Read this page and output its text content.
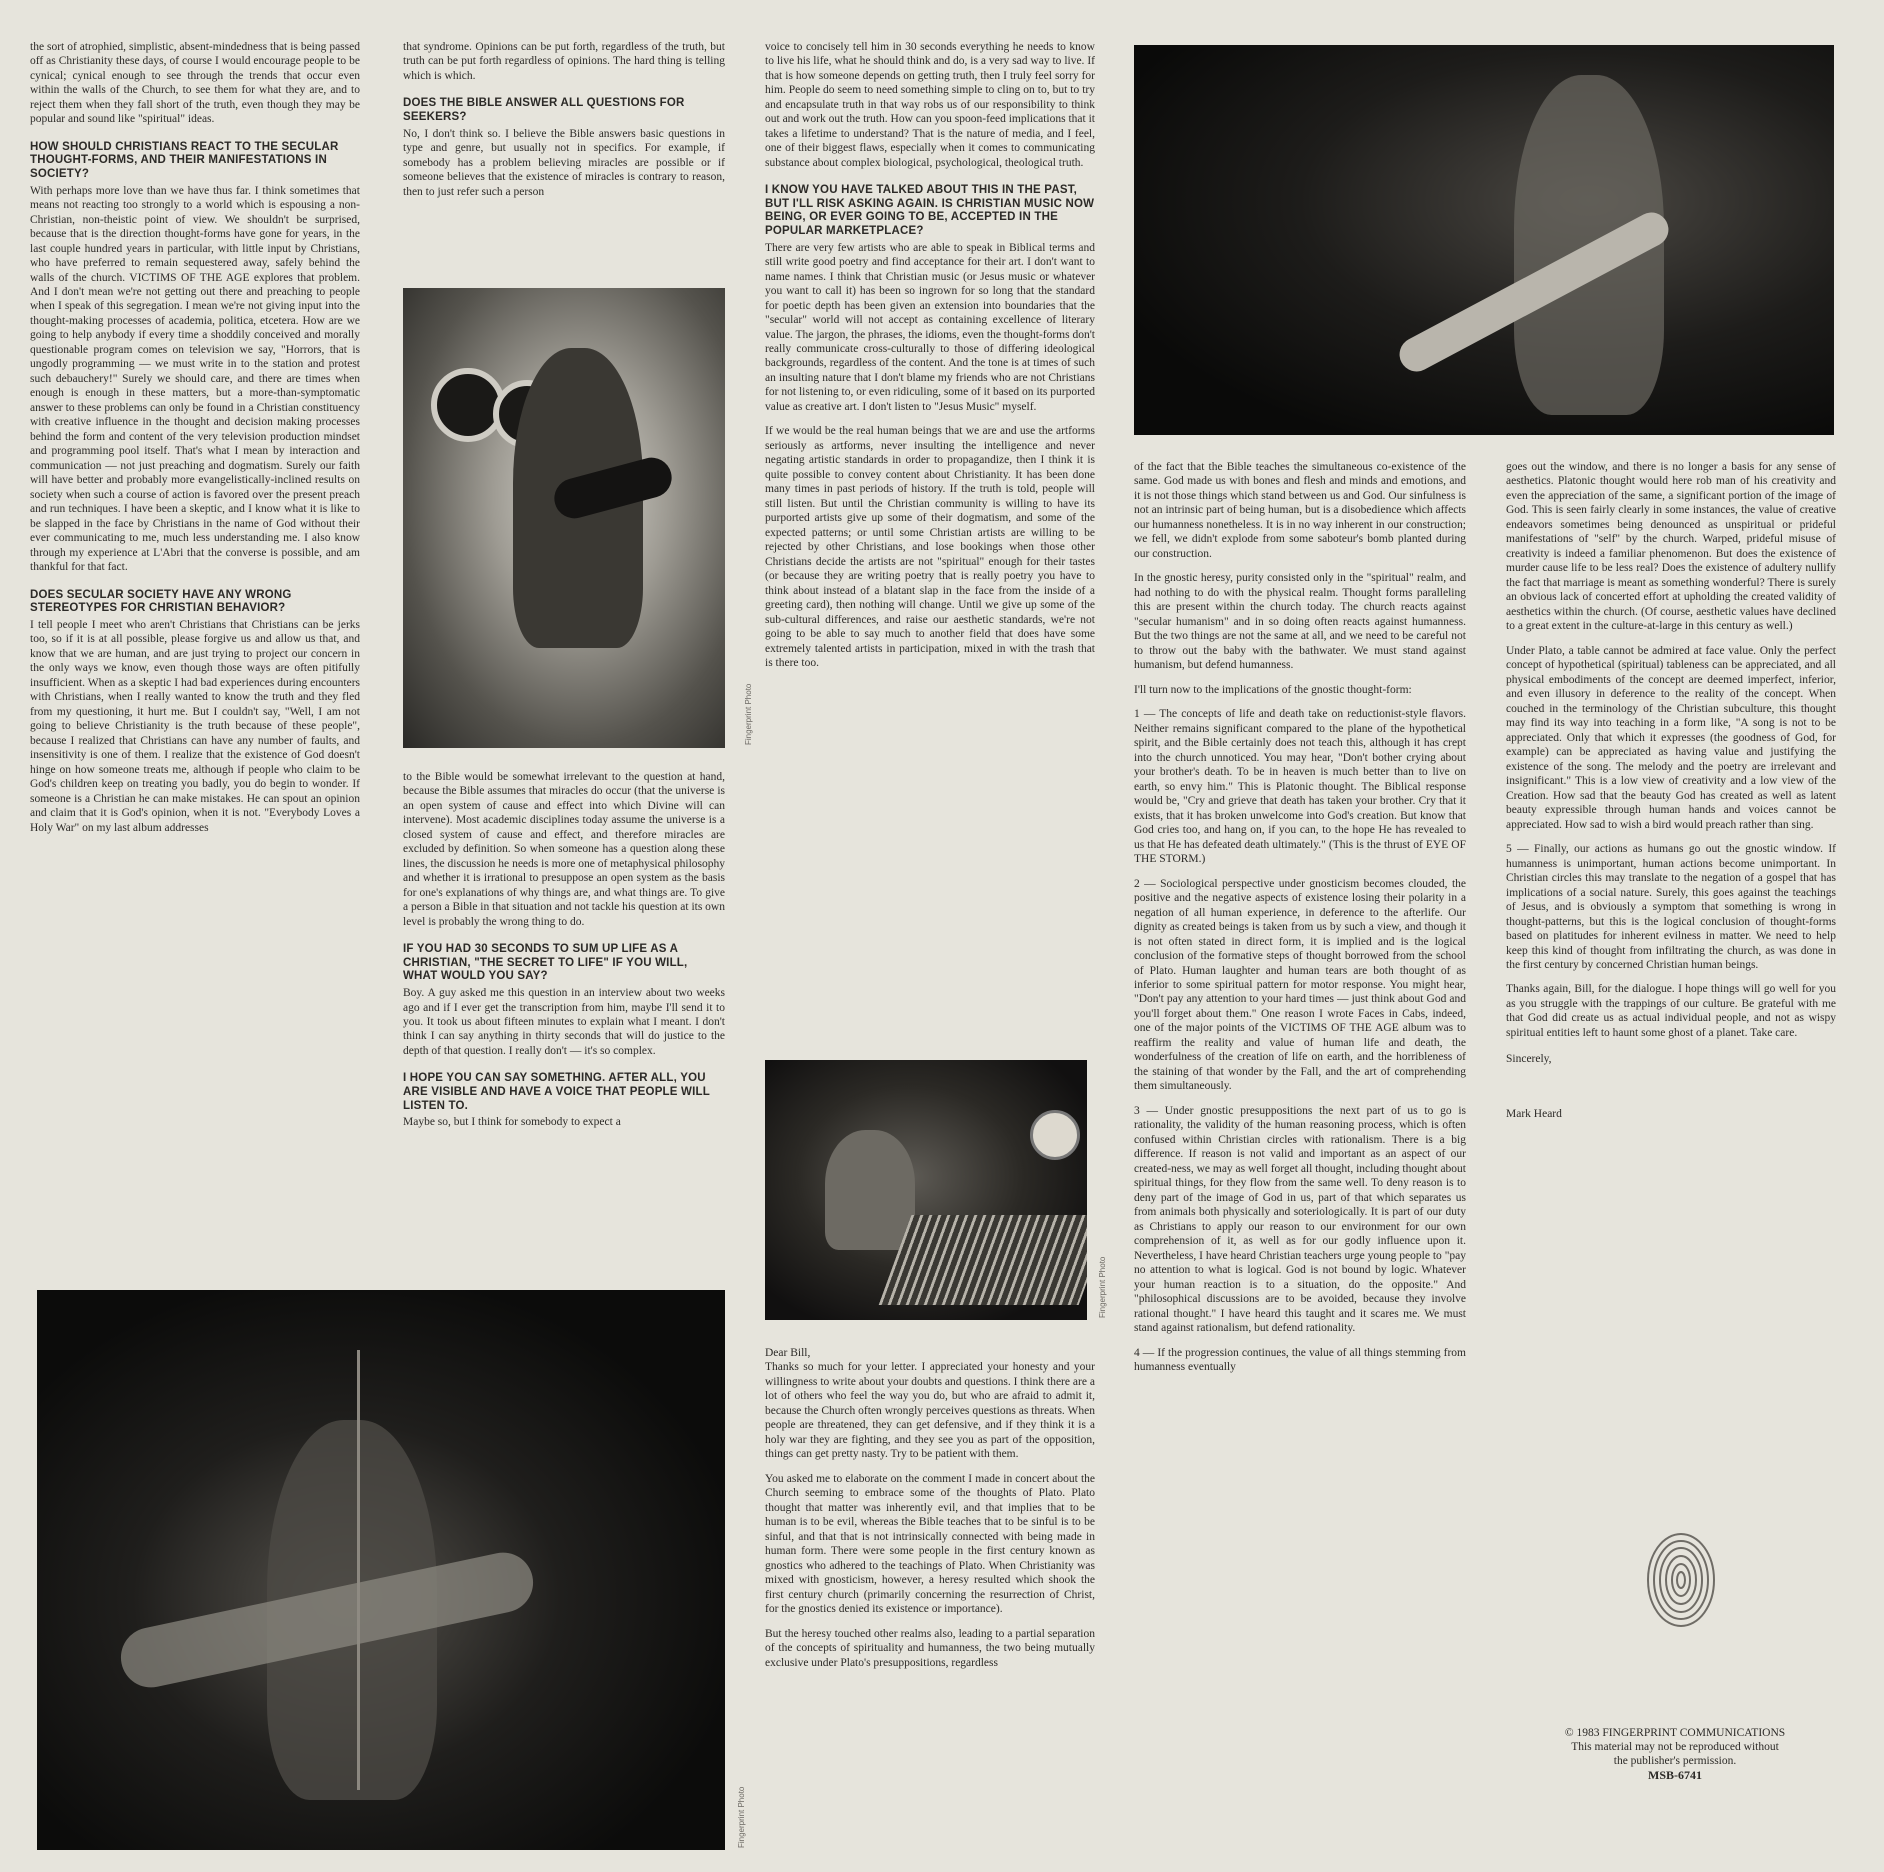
the sort of atrophied, simplistic, absent-mindedness that is being passed off as Christianity these days, of course I would encourage people to be cynical; cynical enough to see through the trends that occur even within the walls of the Church, to see them for what they are, and to reject them when they fall short of the truth, even though they may be popular and sound like "spiritual" ideas.

HOW SHOULD CHRISTIANS REACT TO THE SECULAR THOUGHT-FORMS, AND THEIR MANIFESTATIONS IN SOCIETY?

With perhaps more love than we have thus far. I think sometimes that means not reacting too strongly to a world which is espousing a non-Christian, non-theistic point of view. We shouldn't be surprised, because that is the direction thought-forms have gone for years, in the last couple hundred years in particular, with little input by Christians, who have preferred to remain sequestered away, safely behind the walls of the church. VICTIMS OF THE AGE explores that problem. And I don't mean we're not getting out there and preaching to people when I speak of this segregation. I mean we're not giving input into the thought-making processes of academia, politica, etcetera. How are we going to help anybody if every time a shoddily conceived and morally questionable program comes on television we say, "Horrors, that is ungodly programming — we must write in to the station and protest such debauchery!" Surely we should care, and there are times when enough is enough in these matters, but a more-than-symptomatic answer to these problems can only be found in a Christian constituency with creative influence in the thought and decision making processes behind the form and content of the very television production mindset and programming pool itself. That's what I mean by interaction and communication — not just preaching and dogmatism. Surely our faith will have better and probably more evangelistically-inclined results on society when such a course of action is favored over the present preach and run techniques. I have been a skeptic, and I know what it is like to be slapped in the face by Christians in the name of God without their ever communicating to me, much less understanding me. I also know through my experience at L'Abri that the converse is possible, and am thankful for that fact.

DOES SECULAR SOCIETY HAVE ANY WRONG STEREOTYPES FOR CHRISTIAN BEHAVIOR?

I tell people I meet who aren't Christians that Christians can be jerks too, so if it is at all possible, please forgive us and allow us that, and know that we are human, and are just trying to project our concern in the only ways we know, even though those ways are often pitifully insufficient. When as a skeptic I had bad experiences during encounters with Christians, when I really wanted to know the truth and they fled from my questioning, it hurt me. But I couldn't say, "Well, I am not going to believe Christianity is the truth because of these people", because I realized that Christians can have any number of faults, and insensitivity is one of them. I realize that the existence of God doesn't hinge on how someone treats me, although if people who claim to be God's children keep on treating you badly, you do begin to wonder. If someone is a Christian he can make mistakes. He can spout an opinion and claim that it is God's opinion, when it is not. "Everybody Loves a Holy War" on my last album addresses

that syndrome. Opinions can be put forth, regardless of the truth, but truth can be put forth regardless of opinions. The hard thing is telling which is which.

DOES THE BIBLE ANSWER ALL QUESTIONS FOR SEEKERS?

No, I don't think so. I believe the Bible answers basic questions in type and genre, but usually not in specifics. For example, if somebody has a problem believing miracles are possible or if someone believes that the existence of miracles is contrary to reason, then to just refer such a person

Fingerprint Photo

to the Bible would be somewhat irrelevant to the question at hand, because the Bible assumes that miracles do occur (that the universe is an open system of cause and effect into which Divine will can intervene). Most academic disciplines today assume the universe is a closed system of cause and effect, and therefore miracles are excluded by definition. So when someone has a question along these lines, the discussion he needs is more one of metaphysical philosophy and whether it is irrational to presuppose an open system as the basis for one's explanations of why things are, and what things are. To give a person a Bible in that situation and not tackle his question at its own level is probably the wrong thing to do.

IF YOU HAD 30 SECONDS TO SUM UP LIFE AS A CHRISTIAN, "THE SECRET TO LIFE" IF YOU WILL, WHAT WOULD YOU SAY?

Boy. A guy asked me this question in an interview about two weeks ago and if I ever get the transcription from him, maybe I'll send it to you. It took us about fifteen minutes to explain what I meant. I don't think I can say anything in thirty seconds that will do justice to the depth of that question. I really don't — it's so complex.

I HOPE YOU CAN SAY SOMETHING. AFTER ALL, YOU ARE VISIBLE AND HAVE A VOICE THAT PEOPLE WILL LISTEN TO.

Maybe so, but I think for somebody to expect a

voice to concisely tell him in 30 seconds everything he needs to know to live his life, what he should think and do, is a very sad way to live. If that is how someone depends on getting truth, then I truly feel sorry for him. People do seem to need something simple to cling on to, but to try and encapsulate truth in that way robs us of our responsibility to think out and work out the truth. How can you spoon-feed implications that it takes a lifetime to understand? That is the nature of media, and I feel, one of their biggest flaws, especially when it comes to communicating substance about complex biological, psychological, theological truth.

I KNOW YOU HAVE TALKED ABOUT THIS IN THE PAST, BUT I'LL RISK ASKING AGAIN. IS CHRISTIAN MUSIC NOW BEING, OR EVER GOING TO BE, ACCEPTED IN THE POPULAR MARKETPLACE?

There are very few artists who are able to speak in Biblical terms and still write good poetry and find acceptance for their art. I don't want to name names. I think that Christian music (or Jesus music or whatever you want to call it) has been so ingrown for so long that the standard for poetic depth has been given an extension into boundaries that the "secular" world will not accept as containing excellence of literary value. The jargon, the phrases, the idioms, even the thought-forms don't really communicate cross-culturally to those of differing ideological backgrounds, regardless of the content. And the tone is at times of such an insulting nature that I don't blame my friends who are not Christians for not listening to, or even ridiculing, some of it based on its purported value as creative art. I don't listen to "Jesus Music" myself.

If we would be the real human beings that we are and use the artforms seriously as artforms, never insulting the intelligence and never negating artistic standards in order to propagandize, then I think it is quite possible to convey content about Christianity. It has been done many times in past periods of history. If the truth is told, people will still listen. But until the Christian community is willing to have its purported artists give up some of their dogmatism, and some of the expected patterns; or until some Christian artists are willing to be rejected by other Christians, and lose bookings when those other Christians decide the artists are not "spiritual" enough for their tastes (or because they are writing poetry that is really poetry you have to think about instead of a blatant slap in the face from the inside of a greeting card), then nothing will change. Until we give up some of the sub-cultural differences, and raise our aesthetic standards, we're not going to be able to say much to another field that does have some extremely talented artists in participation, mixed in with the trash that is there too.

Fingerprint Photo

Dear Bill,

Thanks so much for your letter. I appreciated your honesty and your willingness to write about your doubts and questions. I think there are a lot of others who feel the way you do, but who are afraid to admit it, because the Church often wrongly perceives questions as threats. When people are threatened, they can get defensive, and if they think it is a holy war they are fighting, and they see you as part of the opposition, things can get pretty nasty. Try to be patient with them.

You asked me to elaborate on the comment I made in concert about the Church seeming to embrace some of the thoughts of Plato. Plato thought that matter was inherently evil, and that implies that to be human is to be evil, whereas the Bible teaches that to be sinful is to be sinful, and that that is not intrinsically connected with being made in human form. There were some people in the first century known as gnostics who adhered to the teachings of Plato. When Christianity was mixed with gnosticism, however, a heresy resulted which shook the first century church (primarily concerning the resurrection of Christ, for the gnostics denied its existence or importance).

But the heresy touched other realms also, leading to a partial separation of the concepts of spirituality and humanness, the two being mutually exclusive under Plato's presuppositions, regardless

of the fact that the Bible teaches the simultaneous co-existence of the same. God made us with bones and flesh and minds and emotions, and it is not those things which stand between us and God. Our sinfulness is not an intrinsic part of being human, but is a disobedience which affects our humanness nonetheless. It is in no way inherent in our construction; we fell, we didn't explode from some saboteur's bomb planted during our construction.

In the gnostic heresy, purity consisted only in the "spiritual" realm, and had nothing to do with the physical realm. Thought forms paralleling this are present within the church today. The church reacts against "secular humanism" and in so doing often reacts against humanness. But the two things are not the same at all, and we need to be careful not to throw out the baby with the bathwater. We must stand against humanism, but defend humanness.

I'll turn now to the implications of the gnostic thought-form:

1 — The concepts of life and death take on reductionist-style flavors. Neither remains significant compared to the plane of the hypothetical spirit, and the Bible certainly does not teach this, although it has crept into the church unnoticed. You may hear, "Don't bother crying about your brother's death. To be in heaven is much better than to live on earth, so envy him." This is Platonic thought. The Biblical response would be, "Cry and grieve that death has taken your brother. Cry that it exists, that it has broken unwelcome into God's creation. But know that God cries too, and hang on, if you can, to the hope He has revealed to us that He has defeated death ultimately." (This is the thrust of EYE OF THE STORM.)

2 — Sociological perspective under gnosticism becomes clouded, the positive and the negative aspects of existence losing their polarity in a negation of all human experience, in deference to the afterlife. Our dignity as created beings is taken from us by such a view, and though it is not often stated in direct form, it is implied and is the logical conclusion of the formative steps of thought borrowed from the school of Plato. Human laughter and human tears are both thought of as inferior to some spiritual pattern for motor response. You might hear, "Don't pay any attention to your hard times — just think about God and you'll forget about them." One reason I wrote Faces in Cabs, indeed, one of the major points of the VICTIMS OF THE AGE album was to reaffirm the reality and value of human life and death, the wonderfulness of the creation of life on earth, and the horribleness of the staining of that wonder by the Fall, and the art of comprehending them simultaneously.

3 — Under gnostic presuppositions the next part of us to go is rationality, the validity of the human reasoning process, which is often confused within Christian circles with rationalism. There is a big difference. If reason is not valid and important as an aspect of our created-ness, we may as well forget all thought, including thought about spiritual things, for they flow from the same well. To deny reason is to deny part of the image of God in us, part of that which separates us from animals both physically and soteriologically. It is part of our duty as Christians to apply our reason to our environment for our own comprehension of it, as well as for our godly influence upon it. Nevertheless, I have heard Christian teachers urge young people to "pay no attention to what is logical. God is not bound by logic. Whatever your human reaction is to a situation, do the opposite." And "philosophical discussions are to be avoided, because they involve rational thought." I have heard this taught and it scares me. We must stand against rationalism, but defend rationality.

4 — If the progression continues, the value of all things stemming from humanness eventually

goes out the window, and there is no longer a basis for any sense of aesthetics. Platonic thought would here rob man of his creativity and even the appreciation of the same, a significant portion of the image of God. This is seen fairly clearly in some instances, the value of creative endeavors sometimes being denounced as unspiritual or prideful manifestations of "self" by the church. Warped, prideful misuse of creativity is indeed a familiar phenomenon. But does the existence of murder cause life to be less real? Does the existence of adultery nullify the fact that marriage is meant as something wonderful? There is surely an obvious lack of concerted effort at upholding the created validity of aesthetics within the church. (Of course, aesthetic values have declined to a great extent in the culture-at-large in this century as well.)

Under Plato, a table cannot be admired at face value. Only the perfect concept of hypothetical (spiritual) tableness can be appreciated, and all physical embodiments of the concept are deemed imperfect, inferior, and even illusory in deference to the reality of the concept. When couched in the terminology of the Christian subculture, this thought may find its way into teaching in a form like, "A song is not to be appreciated. Only that which it expresses (the goodness of God, for example) can be appreciated as having value and justifying the existence of the song. The melody and the poetry are irrelevant and insignificant." This is a low view of creativity and a low view of the Creation. How sad that the beauty God has created as well as latent beauty expressible through human hands and voices cannot be appreciated. How sad to wish a bird would preach rather than sing.

5 — Finally, our actions as humans go out the gnostic window. If humanness is unimportant, human actions become unimportant. In Christian circles this may translate to the negation of a gospel that has implications of a social nature. Surely, this goes against the teachings of Jesus, and is obviously a symptom that something is wrong in thought-patterns, but this is the logical conclusion of thought-forms based on platitudes for inherent evilness in matter. We need to help keep this kind of thought from infiltrating the church, as was done in the first century by concerned Christian human beings.

Thanks again, Bill, for the dialogue. I hope things will go well for you as you struggle with the trappings of our culture. Be grateful with me that God did create us as actual individual people, and not as wispy spiritual entities left to haunt some ghost of a planet. Take care.

Sincerely,

Mark Heard

Fingerprint Photo
© 1983 FINGERPRINT COMMUNICATIONS
This material may not be reproduced without
the publisher's permission.
MSB-6741
